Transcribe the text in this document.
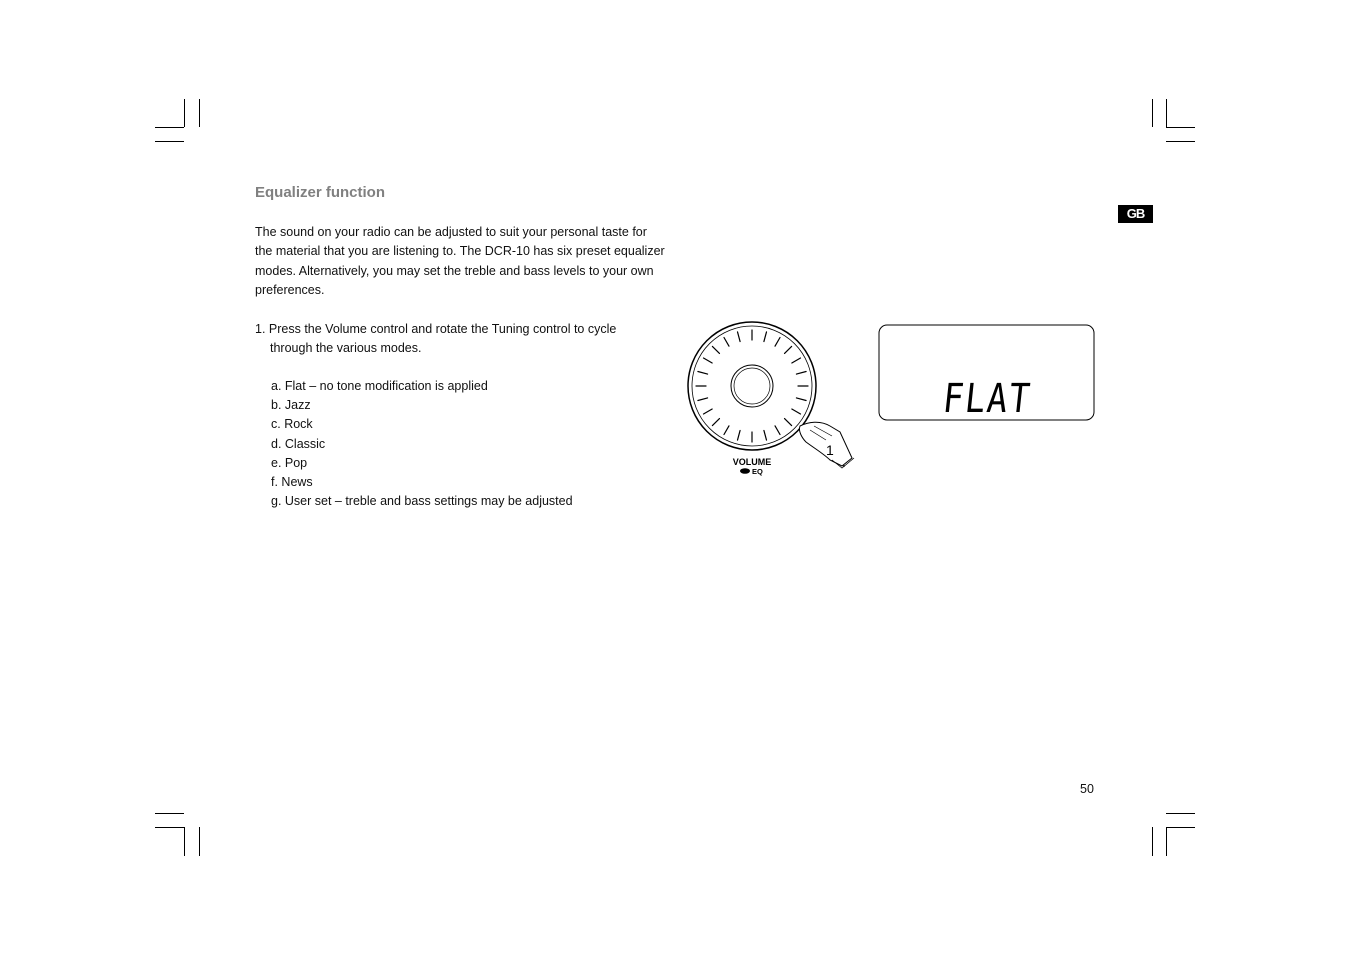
Equalizer function

The sound on your radio can be adjusted to suit your personal taste for the material that you are listening to. The DCR-10 has six preset equalizer modes. Alternatively, you may set the treble and bass levels to your own preferences.

1. Press the Volume control and rotate the Tuning control to cycle
through the various modes.

a. Flat – no tone modification is applied
b. Jazz
c. Rock
d. Classic
e. Pop
f. News
g. User set – treble and bass settings may be adjusted
GB
1
VOLUME
EQ
FLAT
50
